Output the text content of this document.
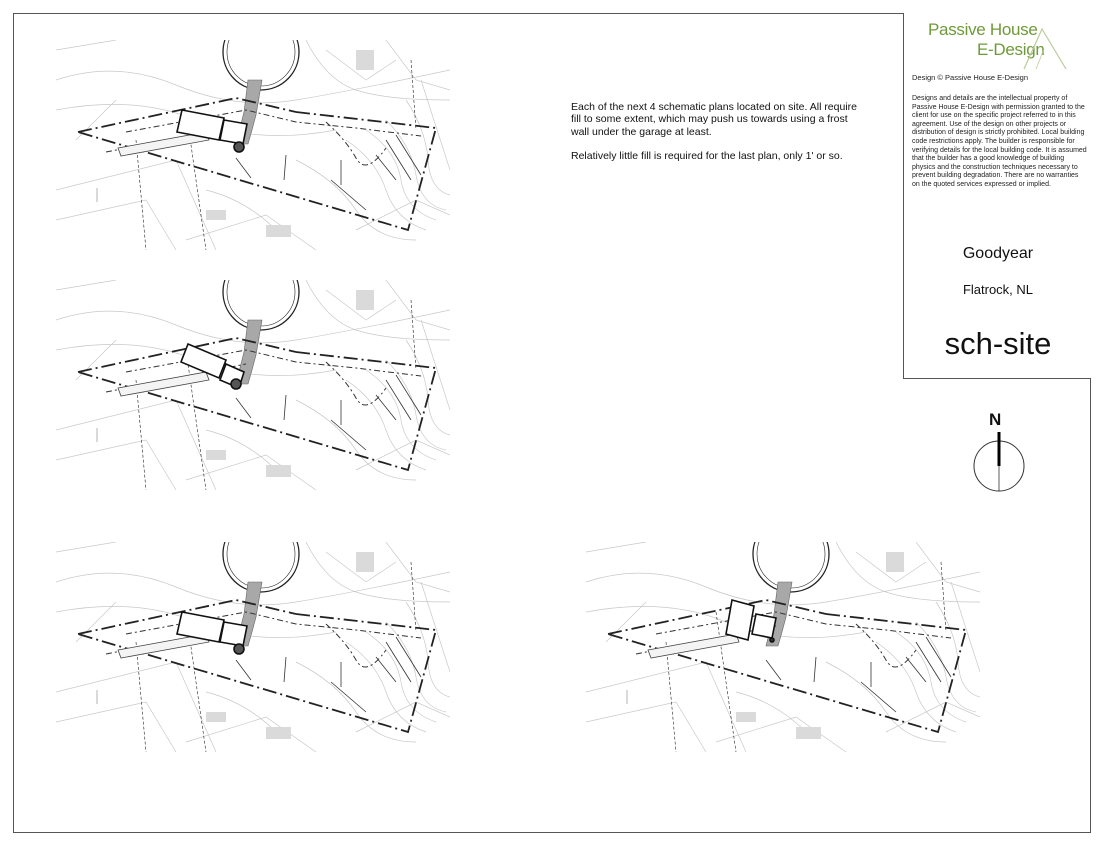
Each of the next 4 schematic plans located on site. All require fill to some extent, which may push us towards using a frost wall under the garage at least.

Relatively little fill is required for the last plan, only 1' or so.

Passive House
E-Design
Design © Passive House E-Design
Designs and details are the intellectual property of Passive House E-Design with permission granted to the client for use on the specific project referred to in this agreement. Use of the design on other projects or distribution of design is strictly prohibited. Local building code restrictions apply. The builder is responsible for verifying details for the local building code. It is assumed that the builder has a good knowledge of building physics and the construction techniques necessary to prevent building degradation. There are no warranties on the quoted services expressed or implied.
Goodyear
Flatrock, NL
sch-site
N
